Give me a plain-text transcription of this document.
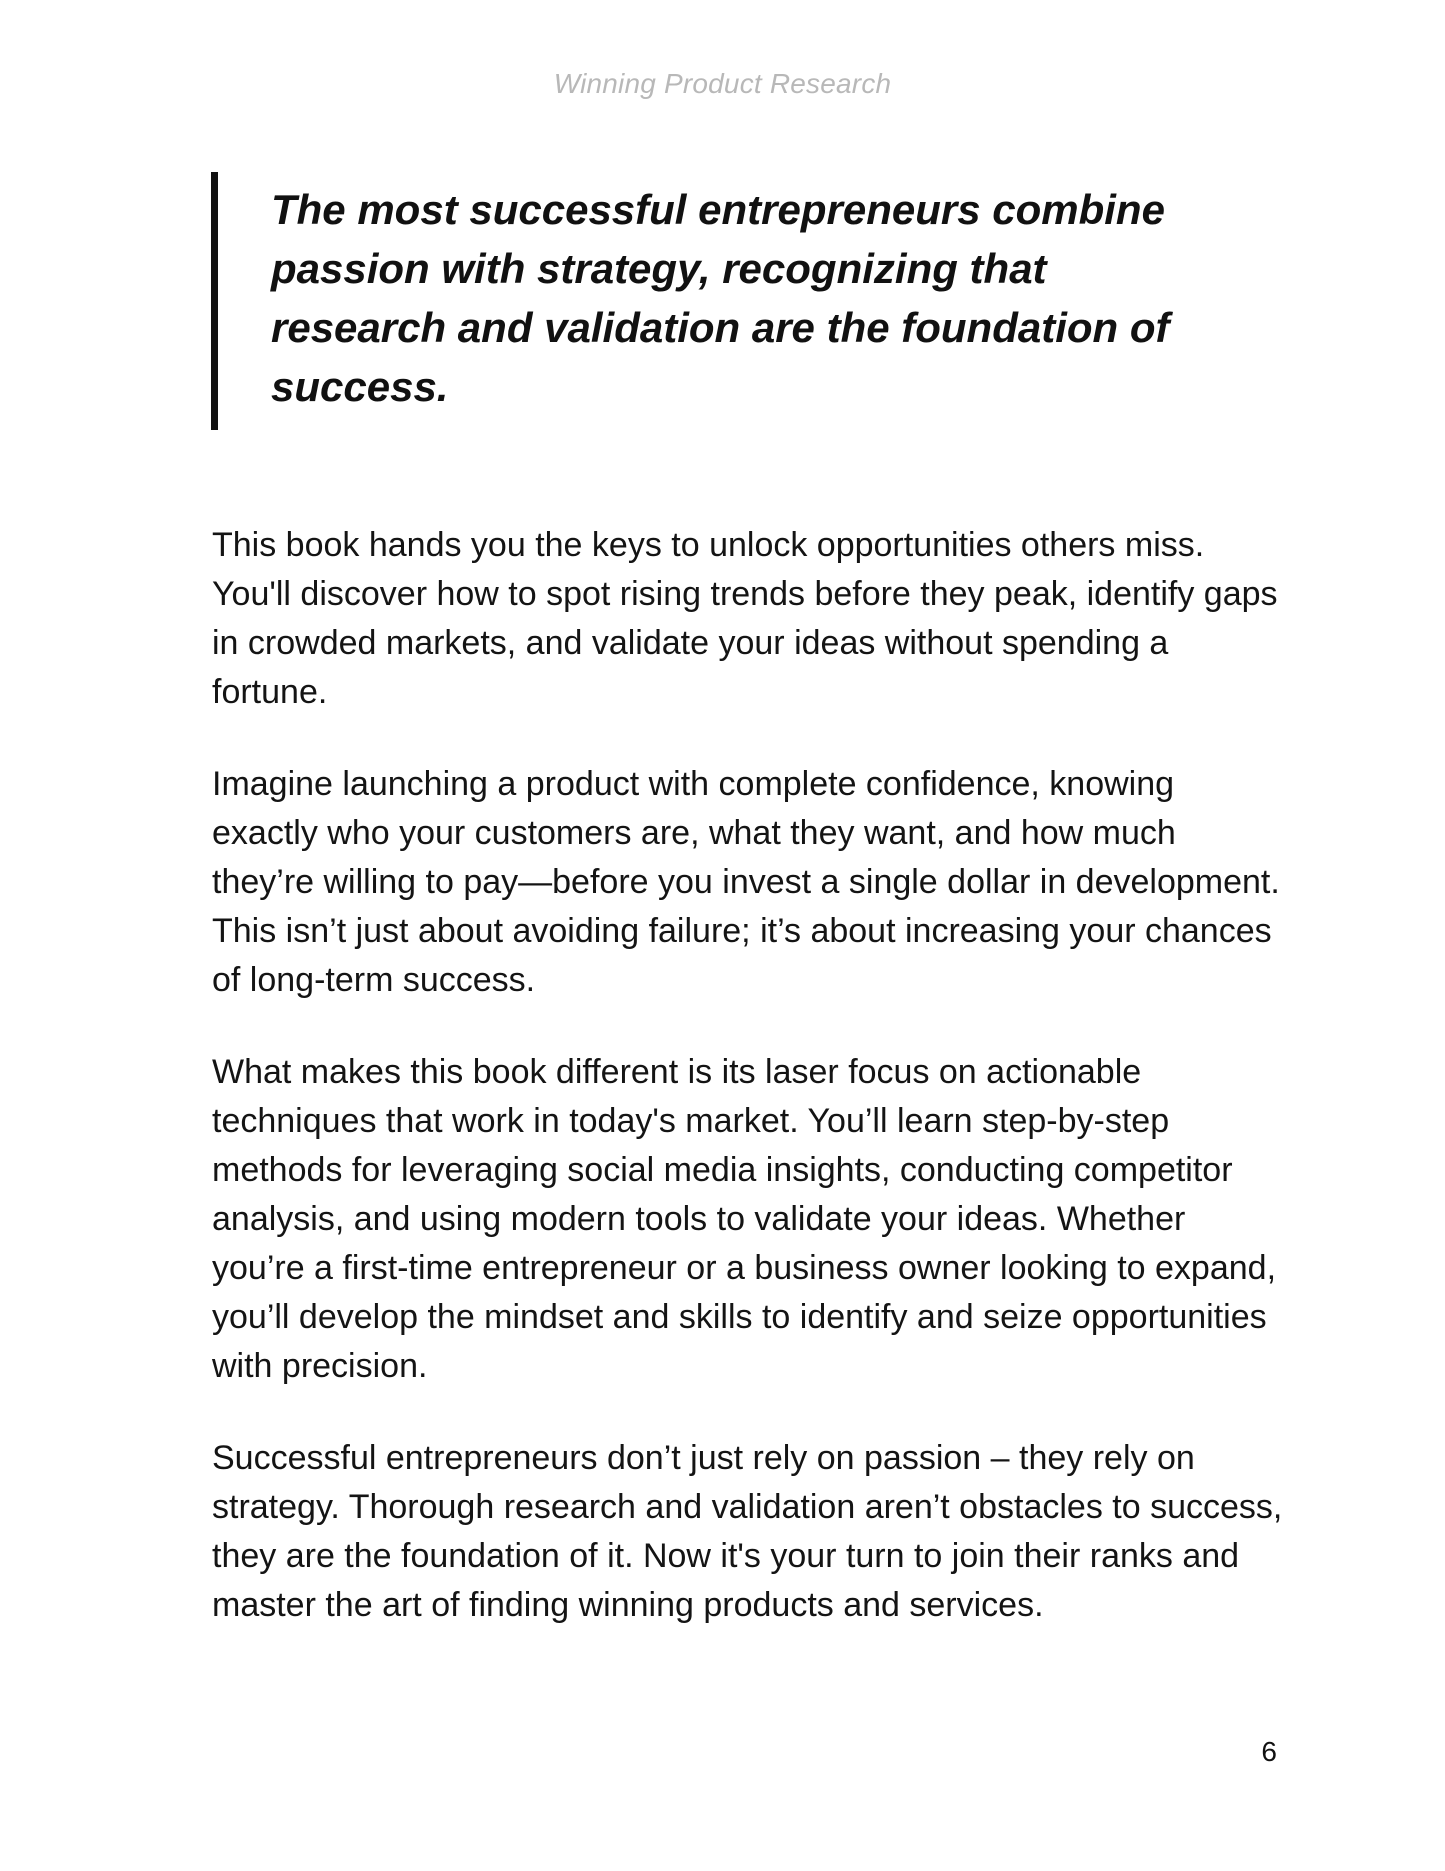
Winning Product Research

The most successful entrepreneurs combine passion with strategy, recognizing that research and validation are the foundation of success.

This book hands you the keys to unlock opportunities others miss. You'll discover how to spot rising trends before they peak, identify gaps in crowded markets, and validate your ideas without spending a fortune.

Imagine launching a product with complete confidence, knowing exactly who your customers are, what they want, and how much they’re willing to pay—before you invest a single dollar in development. This isn’t just about avoiding failure; it’s about increasing your chances of long-term success.

What makes this book different is its laser focus on actionable techniques that work in today's market. You’ll learn step-by-step methods for leveraging social media insights, conducting competitor analysis, and using modern tools to validate your ideas. Whether you’re a first-time entrepreneur or a business owner looking to expand, you’ll develop the mindset and skills to identify and seize opportunities with precision.

Successful entrepreneurs don’t just rely on passion – they rely on strategy. Thorough research and validation aren’t obstacles to success, they are the foundation of it. Now it's your turn to join their ranks and master the art of finding winning products and services.

6
